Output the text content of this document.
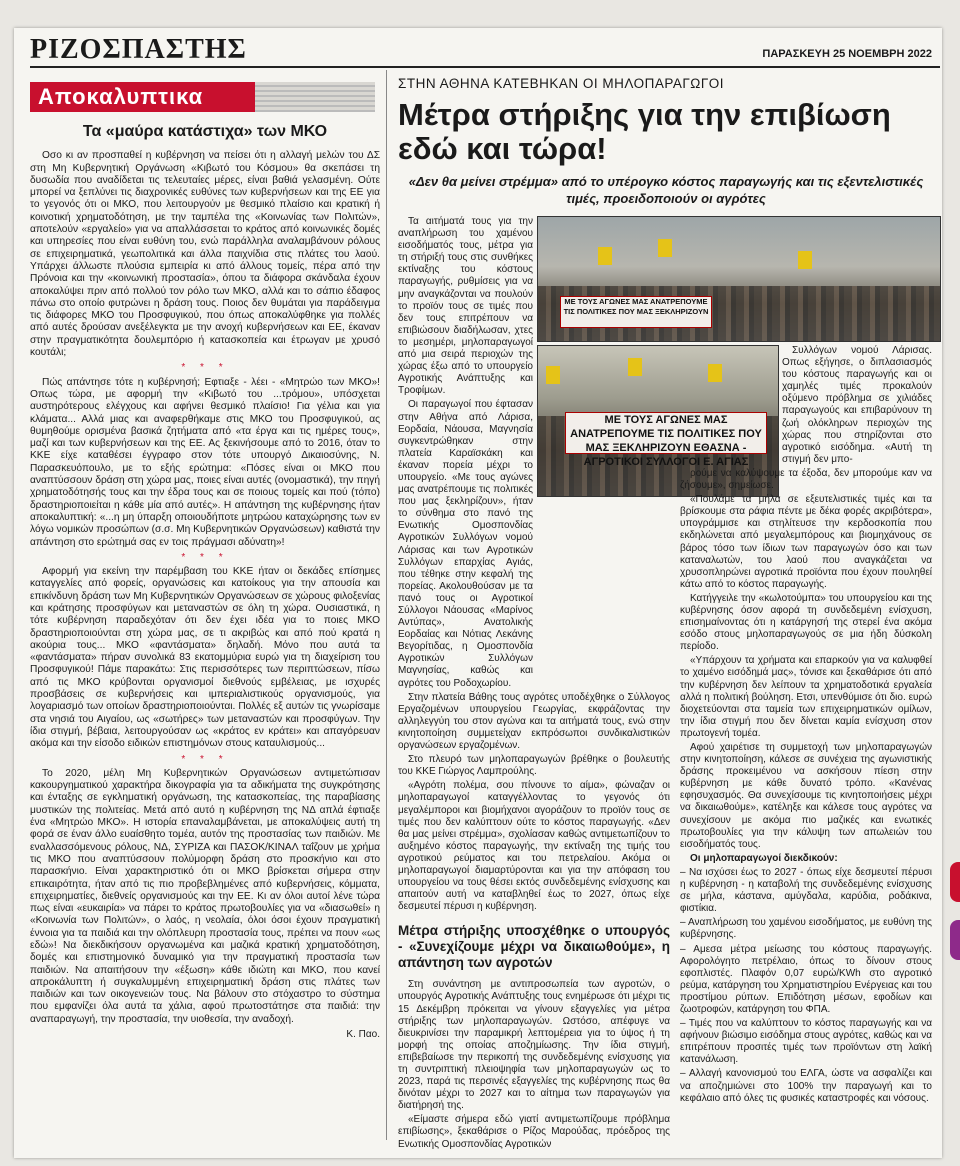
ΡΙΖΟΣΠΑΣΤΗΣ	ΠΑΡΑΣΚΕΥΗ 25 ΝΟΕΜΒΡΗ 2022
Αποκαλυπτικα
Τα «μαύρα κατάστιχα» των ΜΚΟ

Οσο κι αν προσπαθεί η κυβέρνηση να πείσει ότι η αλλαγή μελών του ΔΣ στη Μη Κυβερνητική Οργάνωση «Κιβωτό του Κόσμου» θα σκεπάσει τη δυσωδία που αναδίδεται τις τελευταίες μέρες, είναι βαθιά γελασμένη. Ούτε μπορεί να ξεπλύνει τις διαχρονικές ευθύνες των κυβερνήσεων και της ΕΕ για το γεγονός ότι οι ΜΚΟ, που λειτουργούν με θεσμικό πλαίσιο και κρατική ή κοινοτική χρηματοδότηση, με την ταμπέλα της «Κοινωνίας των Πολιτών», αποτελούν «εργαλείο» για να απαλλάσσεται το κράτος από κοινωνικές δομές και υπηρεσίες που είναι ευθύνη του, ενώ παράλληλα αναλαμβάνουν ρόλους σε επιχειρηματικά, γεωπολιτικά και άλλα παιχνίδια στις πλάτες του λαού. Υπάρχει άλλωστε πλούσια εμπειρία κι από άλλους τομείς, πέρα από την Πρόνοια και την «κοινωνική προστασία», όπου τα διάφορα σκάνδαλα έχουν αποκαλύψει πριν από πολλού τον ρόλο των ΜΚΟ, αλλά και το σάπιο έδαφος πάνω στο οποίο φυτρώνει η δράση τους. Ποιος δεν θυμάται για παράδειγμα τις διάφορες ΜΚΟ του Προσφυγικού, που όπως αποκαλύφθηκε για πολλές από αυτές δρούσαν ανεξέλεγκτα με την ανοχή κυβερνήσεων και ΕΕ, έκαναν στην πραγματικότητα δουλεμπόριο ή κατασκοπεία και έτρωγαν με χρυσό κουτάλι;

* * *

Πώς απάντησε τότε η κυβέρνησή; Εφτιαξε - λέει - «Μητρώο των ΜΚΟ»! Οπως τώρα, με αφορμή την «Κιβωτό του ...τρόμου», υπόσχεται αυστηρότερους ελέγχους και αφήνει θεσμικό πλαίσιο! Για γέλια και για κλάματα... Αλλά μιας και αναφερθήκαμε στις ΜΚΟ του Προσφυγικού, ας θυμηθούμε ορισμένα βασικά ζητήματα από «τα έργα και τις ημέρες τους», μαζί και των κυβερνήσεων και της ΕΕ. Ας ξεκινήσουμε από το 2016, όταν το ΚΚΕ είχε καταθέσει έγγραφο στον τότε υπουργό Δικαιοσύνης, Ν. Παρασκευόπουλο, με το εξής ερώτημα: «Πόσες είναι οι ΜΚΟ που αναπτύσσουν δράση στη χώρα μας, ποιες είναι αυτές (ονομαστικά), την πηγή χρηματοδότησής τους και την έδρα τους και σε ποιους τομείς και πού (τόπο) δραστηριοποιείται η κάθε μία από αυτές». Η απάντηση της κυβέρνησης ήταν αποκαλυπτική: «...η μη ύπαρξη οποιουδήποτε μητρώου καταχώρησης των εν λόγω νομικών προσώπων (σ.σ. Μη Κυβερνητικών Οργανώσεων) καθιστά την απάντηση στο ερώτημά σας εν τοις πράγμασι αδύνατη»!

* * *

Αφορμή για εκείνη την παρέμβαση του ΚΚΕ ήταν οι δεκάδες επίσημες καταγγελίες από φορείς, οργανώσεις και κατοίκους για την απουσία και επικίνδυνη δράση των Μη Κυβερνητικών Οργανώσεων σε χώρους φιλοξενίας και κράτησης προσφύγων και μεταναστών σε όλη τη χώρα. Ουσιαστικά, η τότε κυβέρνηση παραδεχόταν ότι δεν έχει ιδέα για το ποιες ΜΚΟ δραστηριοποιούνται στη χώρα μας, σε τι ακριβώς και από πού κρατά η ακούρια τους... ΜΚΟ «φαντάσματα» δηλαδή. Μόνο που αυτά τα «φαντάσματα» πήραν συνολικά 83 εκατομμύρια ευρώ για τη διαχείριση του Προσφυγικού! Πάμε παρακάτω: Στις περισσότερες των περιπτώσεων, πίσω από τις ΜΚΟ κρύβονται οργανισμοί διεθνούς εμβέλειας, με ισχυρές προσβάσεις σε κυβερνήσεις και ιμπεριαλιστικούς οργανισμούς, για λογαριασμό των οποίων δραστηριοποιούνται. Πολλές εξ αυτών τις γνωρίσαμε στα νησιά του Αιγαίου, ως «σωτήρες» των μεταναστών και προσφύγων. Την ίδια στιγμή, βέβαια, λειτουργούσαν ως «κράτος εν κράτει» και απαγόρευαν ακόμα και την είσοδο ειδικών επιστημόνων στους καταυλισμούς...

* * *

Το 2020, μέλη Μη Κυβερνητικών Οργανώσεων αντιμετώπισαν κακουργηματικού χαρακτήρα δικογραφία για τα αδικήματα της συγκρότησης και ένταξης σε εγκληματική οργάνωση, της κατασκοπείας, της παραβίασης μυστικών της πολιτείας. Μετά από αυτό η κυβέρνηση της ΝΔ απλά έφτιαξε ένα «Μητρώο ΜΚΟ». Η ιστορία επαναλαμβάνεται, με αποκαλύψεις αυτή τη φορά σε έναν άλλο ευαίσθητο τομέα, αυτόν της προστασίας των παιδιών. Με εναλλασσόμενους ρόλους, ΝΔ, ΣΥΡΙΖΑ και ΠΑΣΟΚ/ΚΙΝΑΛ ταΐζουν με χρήμα τις ΜΚΟ που αναπτύσσουν πολύμορφη δράση στο προσκήνιο και στο παρασκήνιο. Είναι χαρακτηριστικό ότι οι ΜΚΟ βρίσκεται σήμερα στην επικαιρότητα, ήταν από τις πιο προβεβλημένες από κυβερνήσεις, κόμματα, επιχειρηματίες, διεθνείς οργανισμούς και την ΕΕ. Κι αν όλοι αυτοί λένε τώρα πως είναι «ευκαιρία» να πάρει το κράτος πρωτοβουλίες για να «διασωθεί» η «Κοινωνία των Πολιτών», ο λαός, η νεολαία, όλοι όσοι έχουν πραγματική έννοια για τα παιδιά και την ολόπλευρη προστασία τους, πρέπει να πουν «ως εδώ»! Να διεκδικήσουν οργανωμένα και μαζικά κρατική χρηματοδότηση, δομές και επιστημονικό δυναμικό για την πραγματική προστασία των παιδιών. Να απαιτήσουν την «έξωση» κάθε ιδιώτη και ΜΚΟ, που κανεί απροκάλυπτη ή συγκαλυμμένη επιχειρηματική δράση στις πλάτες των παιδιών και των οικογενειών τους. Να βάλουν στο στόχαστρο το σύστημα που εμφανίζει όλα αυτά τα χάλια, αφού πρωτοστάτησε στα παιδιά: την αναπαραγωγή, την προστασία, την υιοθεσία, την αναδοχή.

Κ. Παο.
ΣΤΗΝ ΑΘΗΝΑ ΚΑΤΕΒΗΚΑΝ ΟΙ ΜΗΛΟΠΑΡΑΓΩΓΟΙ
Μέτρα στήριξης για την επιβίωση εδώ και τώρα!
«Δεν θα μείνει στρέμμα» από το υπέρογκο κόστος παραγωγής και τις εξεντελιστικές τιμές, προειδοποιούν οι αγρότες
ΜΕ ΤΟΥΣ ΑΓΩΝΕΣ ΜΑΣ ΑΝΑΤΡΕΠΟΥΜΕ ΤΙΣ ΠΟΛΙΤΙΚΕΣ ΠΟΥ ΜΑΣ ΞΕΚΛΗΡΙΖΟΥΝ
ΜΕ ΤΟΥΣ ΑΓΩΝΕΣ ΜΑΣ ΑΝΑΤΡΕΠΟΥΜΕ ΤΙΣ ΠΟΛΙΤΙΚΕΣ ΠΟΥ ΜΑΣ ΞΕΚΛΗΡΙΖΟΥΝ ΕΘΑΣΝΑ - ΑΓΡΟΤΙΚΟΙ ΣΥΛΛΟΓΟΙ Ε. ΑΓΙΑΣ

Τα αιτήματά τους για την αναπλήρωση του χαμένου εισοδήματός τους, μέτρα για τη στήριξή τους στις συνθήκες εκτίναξης του κόστους παραγωγής, ρυθμίσεις για να μην αναγκάζονται να πουλούν το προϊόν τους σε τιμές που δεν τους επιτρέπουν να επιβιώσουν διαδήλωσαν, χτες το μεσημέρι, μηλοπαραγωγοί από μια σειρά περιοχών της χώρας έξω από το υπουργείο Αγροτικής Ανάπτυξης και Τροφίμων.

Οι παραγωγοί που έφτασαν στην Αθήνα από Λάρισα, Εορδαία, Νάουσα, Μαγνησία συγκεντρώθηκαν στην πλατεία Καραϊσκάκη και έκαναν πορεία μέχρι το υπουργείο. «Με τους αγώνες μας ανατρέπουμε τις πολιτικές που μας ξεκληρίζουν», ήταν το σύνθημα στο πανό της Ενωτικής Ομοσπονδίας Αγροτικών Συλλόγων νομού Λάρισας και των Αγροτικών Συλλόγων επαρχίας Αγιάς, που τέθηκε στην κεφαλή της πορείας. Ακολουθούσαν με τα πανό τους οι Αγροτικοί Σύλλογοι Νάουσας «Μαρίνος Αντύπας», Ανατολικής Εορδαίας και Νότιας Λεκάνης Βεγορίτιδας, η Ομοσπονδία Αγροτικών Συλλόγων Μαγνησίας, καθώς και αγρότες του Ροδοχωρίου.

Στην πλατεία Βάθης τους αγρότες υποδέχθηκε ο Σύλλογος Εργαζομένων υπουργείου Γεωργίας, εκφράζοντας την αλληλεγγύη του στον αγώνα και τα αιτήματά τους, ενώ στην κινητοποίηση συμμετείχαν εκπρόσωποι συνδικαλιστικών οργανώσεων εργαζομένων.

Στο πλευρό των μηλοπαραγωγών βρέθηκε ο βουλευτής του ΚΚΕ Γιώργος Λαμπρούλης.

«Αγρότη πολέμα, σου πίνουνε το αίμα», φώναζαν οι μηλοπαραγωγοί καταγγέλλοντας το γεγονός ότι μεγαλέμποροι και βιομήχανοι αγοράζουν το προϊόν τους σε τιμές που δεν καλύπτουν ούτε το κόστος παραγωγής. «Δεν θα μας μείνει στρέμμα», σχολίασαν καθώς αντιμετωπίζουν το αυξημένο κόστος παραγωγής, την εκτίναξη της τιμής του αγροτικού ρεύματος και του πετρελαίου. Ακόμα οι μηλοπαραγωγοί διαμαρτύρονται και για την απόφαση του υπουργείου να τους θέσει εκτός συνδεδεμένης ενίσχυσης και απαιτούν αυτή να καταβληθεί έως το 2027, όπως είχε δεσμευτεί πέρυσι η κυβέρνηση.

Μέτρα στήριξης υποσχέθηκε ο υπουργός - «Συνεχίζουμε μέχρι να δικαιωθούμε», η απάντηση των αγροτών

Στη συνάντηση με αντιπροσωπεία των αγροτών, ο υπουργός Αγροτικής Ανάπτυξης τους ενημέρωσε ότι μέχρι τις 15 Δεκέμβρη πρόκειται να γίνουν εξαγγελίες για μέτρα στήριξης των μηλοπαραγωγών. Ωστόσο, απέφυγε να διευκρινίσει την παραμικρή λεπτομέρεια για το ύψος ή τη μορφή της οποίας αποζημίωσης. Την ίδια στιγμή, επιβεβαίωσε την περικοπή της συνδεδεμένης ενίσχυσης για τη συντριπτική πλειοψηφία των μηλοπαραγωγών ως το 2023, παρά τις περσινές εξαγγελίες της κυβέρνησης πως θα δινόταν μέχρι το 2027 και το αίτημα των παραγωγών για διατήρησή της.

«Είμαστε σήμερα εδώ γιατί αντιμετωπίζουμε πρόβλημα επιβίωσης», ξεκαθάρισε ο Ρίζος Μαρούδας, πρόεδρος της Ενωτικής Ομοσπονδίας Αγροτικών

Συλλόγων νομού Λάρισας. Οπως εξήγησε, ο διπλασιασμός του κόστους παραγωγής και οι χαμηλές τιμές προκαλούν οξύμενο πρόβλημα σε χιλιάδες παραγωγούς και επιβαρύνουν τη ζωή ολόκληρων περιοχών της χώρας που στηρίζονται στο αγροτικό εισόδημα. «Αυτή τη στιγμή δεν μπο-

ρούμε να καλύψουμε τα έξοδα, δεν μπορούμε καν να ζήσουμε», σημείωσε.

«Πουλάμε τα μήλα σε εξευτελιστικές τιμές και τα βρίσκουμε στα ράφια πέντε με δέκα φορές ακριβότερα», υπογράμμισε και στηλίτευσε την κερδοσκοπία που εκδηλώνεται από μεγαλεμπόρους και βιομηχάνους σε βάρος τόσο των ίδιων των παραγωγών όσο και των καταναλωτών, του λαού που αναγκάζεται να χρυσοπληρώνει αγροτικά προϊόντα που έχουν πουληθεί κάτω από το κόστος παραγωγής.

Κατήγγειλε την «κωλοτούμπα» του υπουργείου και της κυβέρνησης όσον αφορά τη συνδεδεμένη ενίσχυση, επισημαίνοντας ότι η κατάργησή της στερεί ένα ακόμα εσόδο στους μηλοπαραγωγούς σε μια ήδη δύσκολη περίοδο.

«Υπάρχουν τα χρήματα και επαρκούν για να καλυφθεί το χαμένο εισόδημά μας», τόνισε και ξεκαθάρισε ότι από την κυβέρνηση δεν λείπουν τα χρηματοδοτικά εργαλεία αλλά η πολιτική βούληση. Ετσι, υπενθύμισε ότι διο. ευρώ διοχετεύονται στα ταμεία των επιχειρηματικών ομίλων, την ίδια στιγμή που δεν δίνεται καμία ενίσχυση στον πρωτογενή τομέα.

Αφού χαιρέτισε τη συμμετοχή των μηλοπαραγωγών στην κινητοποίηση, κάλεσε σε συνέχεια της αγωνιστικής δράσης προκειμένου να ασκήσουν πίεση στην κυβέρνηση με κάθε δυνατό τρόπο. «Κανένας εφησυχασμός. Θα συνεχίσουμε τις κινητοποιήσεις μέχρι να δικαιωθούμε», κατέληξε και κάλεσε τους αγρότες να συνεχίσουν με ακόμα πιο μαζικές και ενωτικές πρωτοβουλίες για την κάλυψη των απωλειών του εισοδήματός τους.

Οι μηλοπαραγωγοί διεκδικούν:

– Να ισχύσει έως το 2027 - όπως είχε δεσμευτεί πέρυσι η κυβέρνηση - η καταβολή της συνδεδεμένης ενίσχυσης σε μήλα, κάστανα, αμύγδαλα, καρύδια, ροδάκινα, φιστίκια.
– Αναπλήρωση του χαμένου εισοδήματος, με ευθύνη της κυβέρνησης.
– Αμεσα μέτρα μείωσης του κόστους παραγωγής. Αφορολόγητο πετρέλαιο, όπως το δίνουν στους εφοπλιστές. Πλαφόν 0,07 ευρώ/KWh στο αγροτικό ρεύμα, κατάργηση του Χρηματιστηρίου Ενέργειας και του προστίμου ρύπων. Επιδότηση μέσων, εφοδίων και ζωοτροφών, κατάργηση του ΦΠΑ.
– Τιμές που να καλύπτουν το κόστος παραγωγής και να αφήνουν βιώσιμο εισόδημα στους αγρότες, καθώς και να επιτρέπουν προσιτές τιμές των προϊόντων στη λαϊκή κατανάλωση.
– Αλλαγή κανονισμού του ΕΛΓΑ, ώστε να ασφαλίζει και να αποζημιώνει στο 100% την παραγωγή και το κεφάλαιο από όλες τις φυσικές καταστροφές και νόσους.
